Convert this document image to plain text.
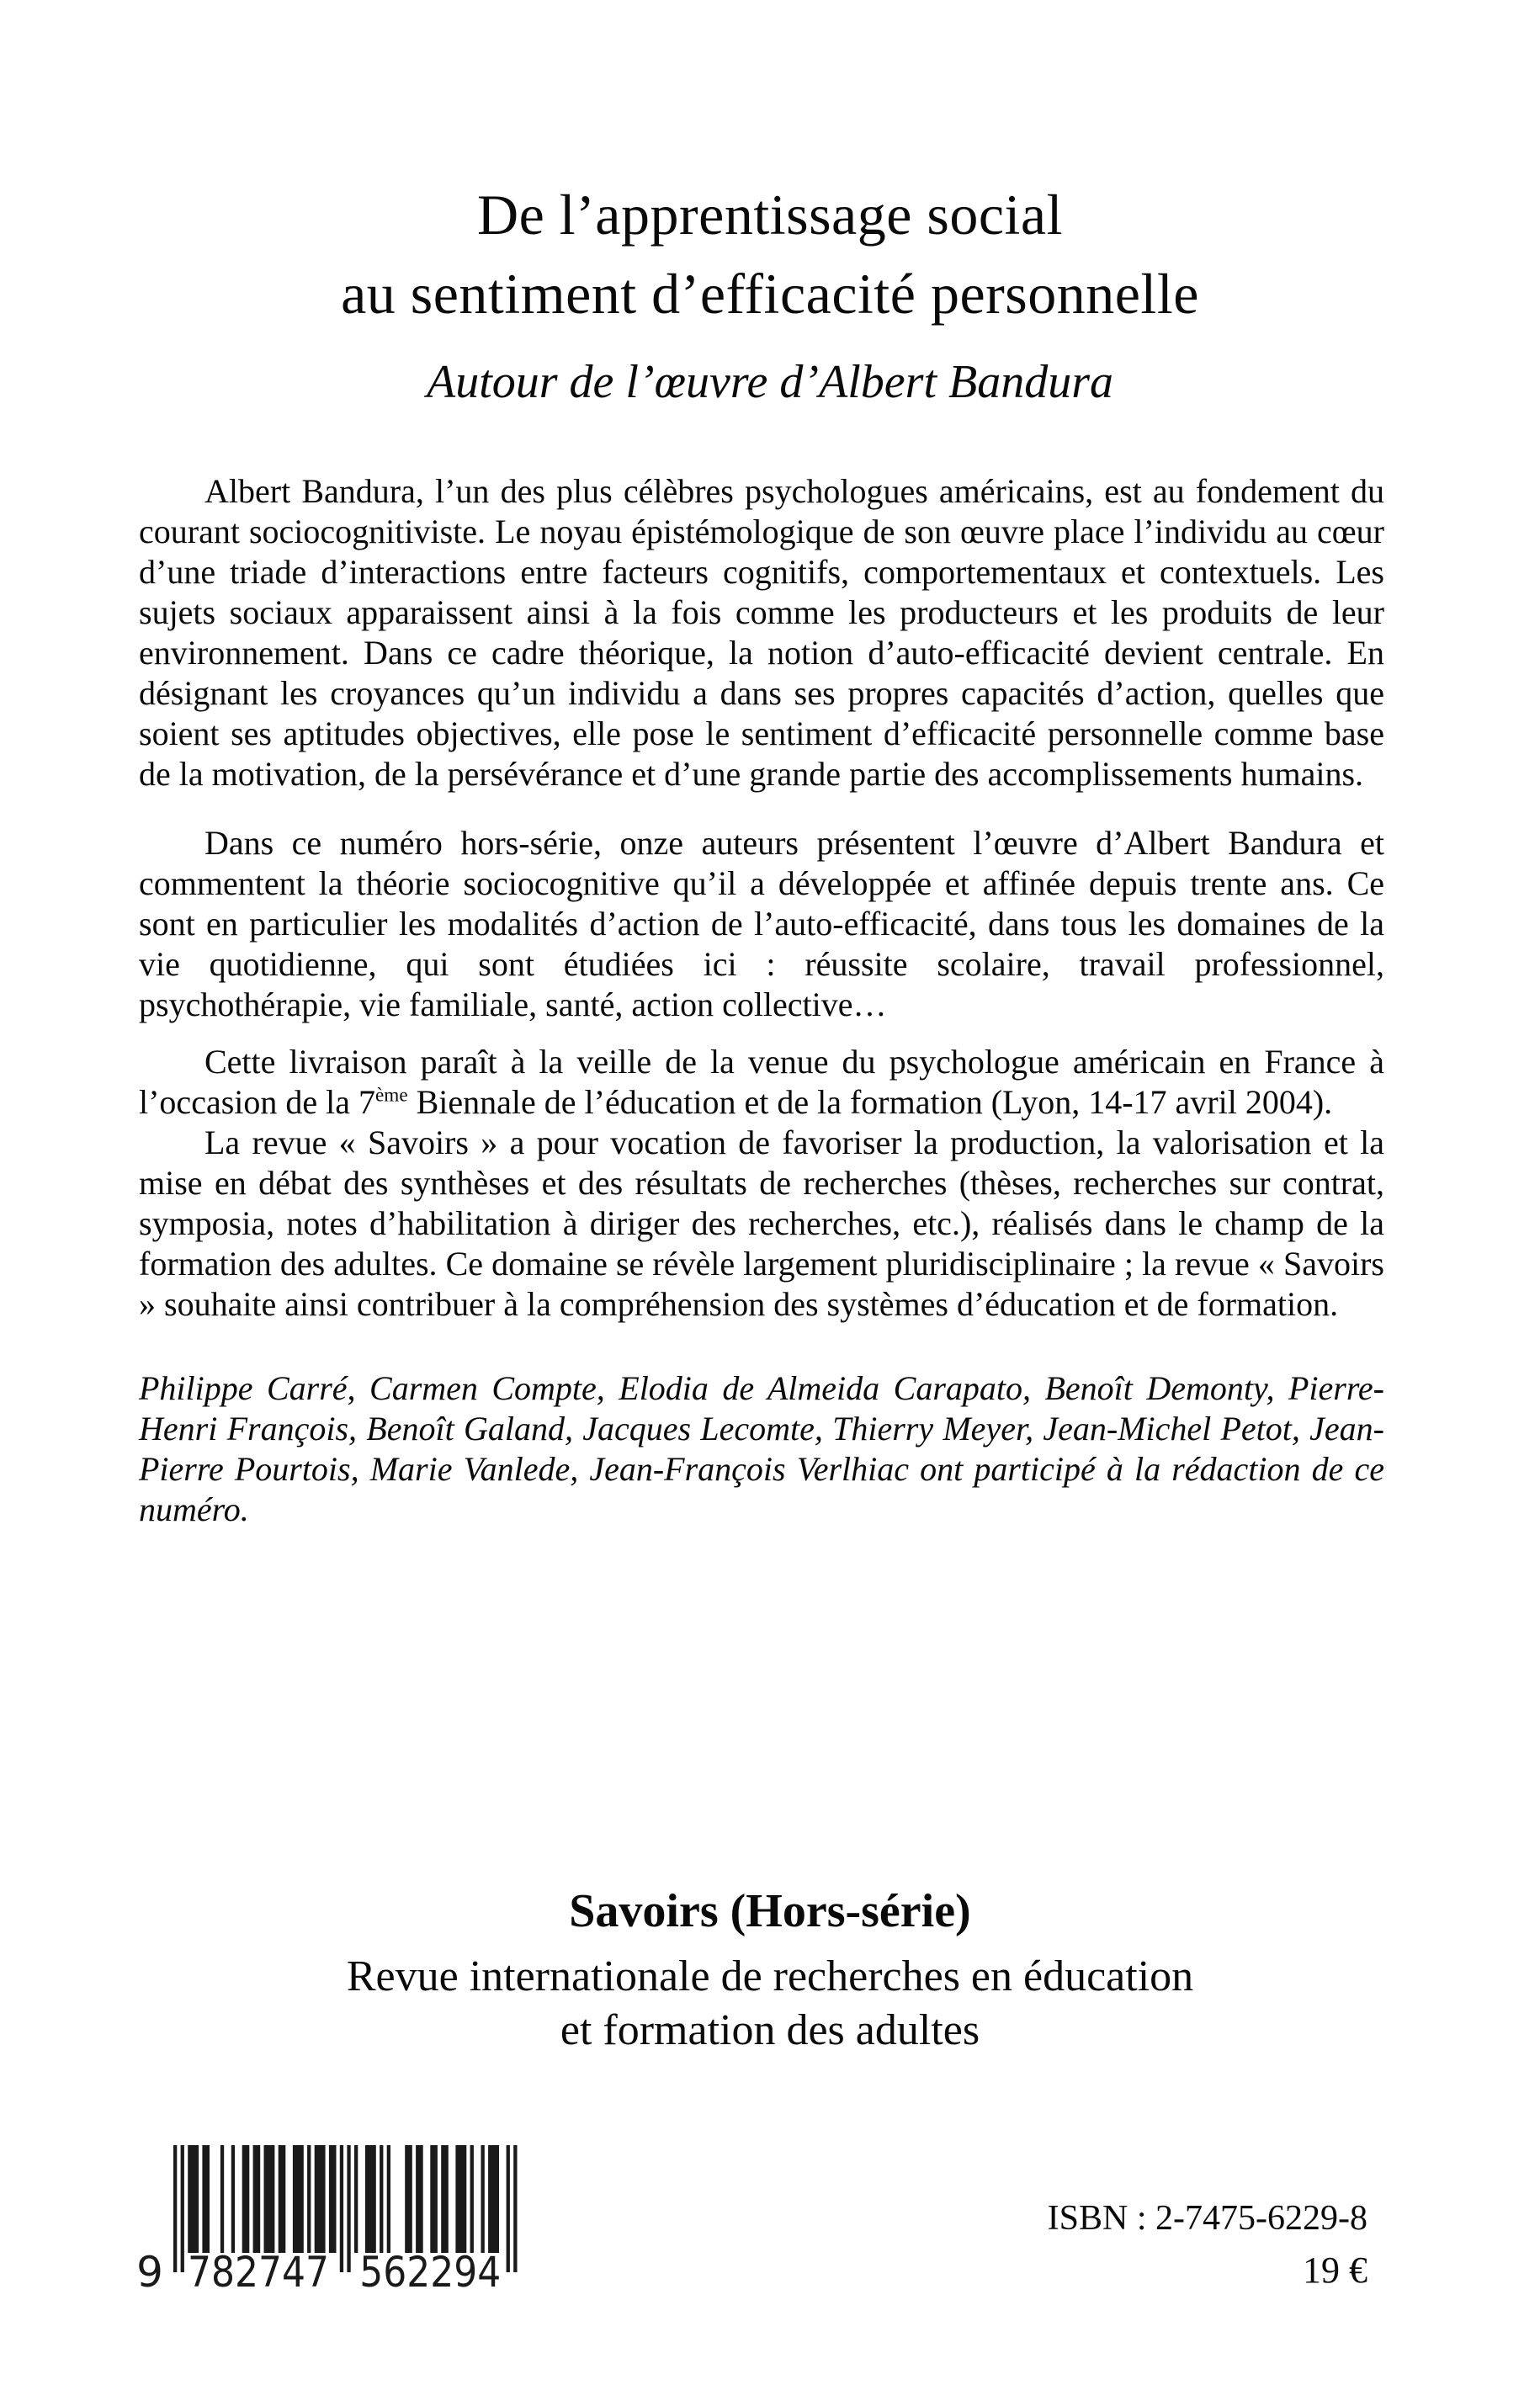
De l’apprentissage social
au sentiment d’efficacité personnelle
Autour de l’œuvre d’Albert Bandura

Albert Bandura, l’un des plus célèbres psychologues américains, est au fondement du courant sociocognitiviste. Le noyau épistémologique de son œuvre place l’individu au cœur d’une triade d’interactions entre facteurs cognitifs, comportementaux et contextuels. Les sujets sociaux apparaissent ainsi à la fois comme les producteurs et les produits de leur environnement. Dans ce cadre théorique, la notion d’auto-efficacité devient centrale. En désignant les croyances qu’un individu a dans ses propres capacités d’action, quelles que soient ses aptitudes objectives, elle pose le sentiment d’efficacité personnelle comme base de la motivation, de la persévérance et d’une grande partie des accomplissements humains.

Dans ce numéro hors-série, onze auteurs présentent l’œuvre d’Albert Bandura et commentent la théorie sociocognitive qu’il a développée et affinée depuis trente ans. Ce sont en particulier les modalités d’action de l’auto-efficacité, dans tous les domaines de la vie quotidienne, qui sont étudiées ici : réussite scolaire, travail professionnel, psychothérapie, vie familiale, santé, action collective…

Cette livraison paraît à la veille de la venue du psychologue américain en France à l’occasion de la 7ème Biennale de l’éducation et de la formation (Lyon, 14-17 avril 2004).

La revue « Savoirs » a pour vocation de favoriser la production, la valorisation et la mise en débat des synthèses et des résultats de recherches (thèses, recherches sur contrat, symposia, notes d’habilitation à diriger des recherches, etc.), réalisés dans le champ de la formation des adultes. Ce domaine se révèle largement pluridisciplinaire ; la revue « Savoirs » souhaite ainsi contribuer à la compréhension des systèmes d’éducation et de formation.

Philippe Carré, Carmen Compte, Elodia de Almeida Carapato, Benoît Demonty, Pierre-Henri François, Benoît Galand, Jacques Lecomte, Thierry Meyer, Jean-Michel Petot, Jean-Pierre Pourtois, Marie Vanlede, Jean-François Verlhiac ont participé à la rédaction de ce numéro.

Savoirs (Hors-série)

Revue internationale de recherches en éducation
et formation des adultes

9 782747 562294

ISBN : 2-7475-6229-8

19 €
